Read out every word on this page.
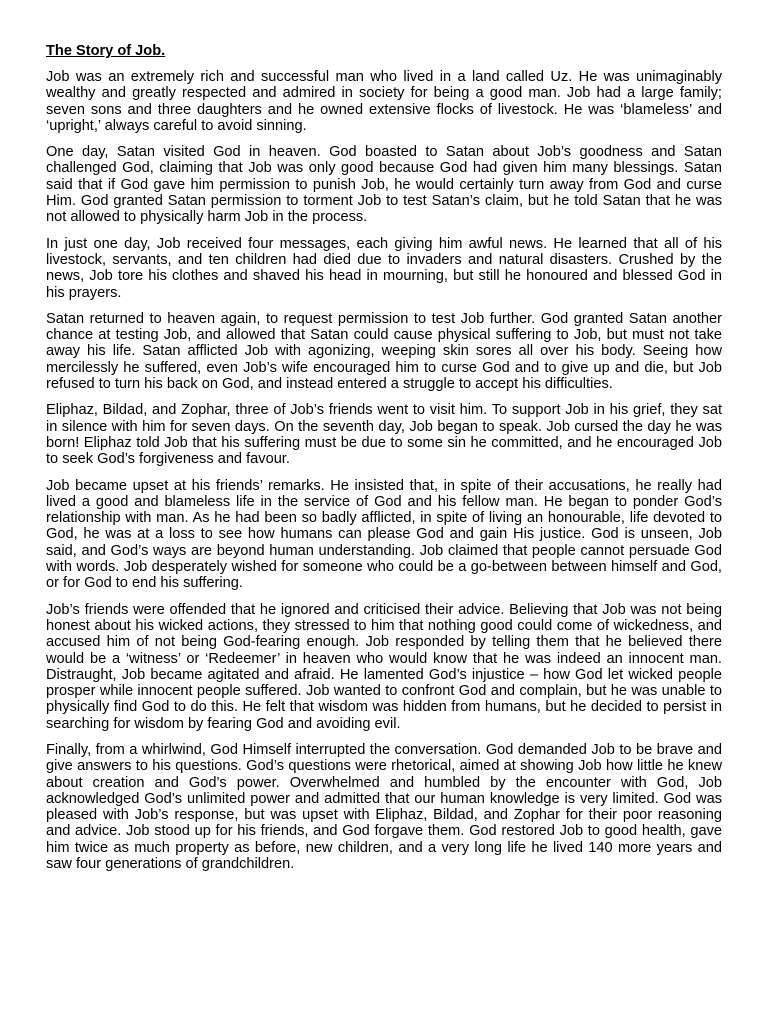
The Story of Job.

Job was an extremely rich and successful man who lived in a land called Uz. He was unimaginably wealthy and greatly respected and admired in society for being a good man. Job had a large family; seven sons and three daughters and he owned extensive flocks of livestock. He was ‘blameless’ and ‘upright,’ always careful to avoid sinning.

One day, Satan visited God in heaven. God boasted to Satan about Job’s goodness and Satan challenged God, claiming that Job was only good because God had given him many blessings. Satan said that if God gave him permission to punish Job, he would certainly turn away from God and curse Him. God granted Satan permission to torment Job to test Satan’s claim, but he told Satan that he was not allowed to physically harm Job in the process.

In just one day, Job received four messages, each giving him awful news. He learned that all of his livestock, servants, and ten children had died due to invaders and natural disasters. Crushed by the news, Job tore his clothes and shaved his head in mourning, but still he honoured and blessed God in his prayers.

Satan returned to heaven again, to request permission to test Job further. God granted Satan another chance at testing Job, and allowed that Satan could cause physical suffering to Job, but must not take away his life. Satan afflicted Job with agonizing, weeping skin sores all over his body. Seeing how mercilessly he suffered, even Job’s wife encouraged him to curse God and to give up and die, but Job refused to turn his back on God, and instead entered a struggle to accept his difficulties.

Eliphaz, Bildad, and Zophar, three of Job’s friends went to visit him. To support Job in his grief, they sat in silence with him for seven days. On the seventh day, Job began to speak. Job cursed the day he was born! Eliphaz told Job that his suffering must be due to some sin he committed, and he encouraged Job to seek God’s forgiveness and favour.

Job became upset at his friends’ remarks. He insisted that, in spite of their accusations, he really had lived a good and blameless life in the service of God and his fellow man. He began to ponder God’s relationship with man. As he had been so badly afflicted, in spite of living an honourable, life devoted to God, he was at a loss to see how humans can please God and gain His justice. God is unseen, Job said, and God’s ways are beyond human understanding. Job claimed that people cannot persuade God with words. Job desperately wished for someone who could be a go-between between himself and God, or for God to end his suffering.

Job’s friends were offended that he ignored and criticised their advice. Believing that Job was not being honest about his wicked actions, they stressed to him that nothing good could come of wickedness, and accused him of not being God-fearing enough. Job responded by telling them that he believed there would be a ‘witness’ or ‘Redeemer’ in heaven who would know that he was indeed an innocent man. Distraught, Job became agitated and afraid. He lamented God’s injustice – how God let wicked people prosper while innocent people suffered. Job wanted to confront God and complain, but he was unable to physically find God to do this. He felt that wisdom was hidden from humans, but he decided to persist in searching for wisdom by fearing God and avoiding evil.

Finally, from a whirlwind, God Himself interrupted the conversation. God demanded Job to be brave and give answers to his questions. God’s questions were rhetorical, aimed at showing Job how little he knew about creation and God’s power. Overwhelmed and humbled by the encounter with God, Job acknowledged God’s unlimited power and admitted that our human knowledge is very limited. God was pleased with Job’s response, but was upset with Eliphaz, Bildad, and Zophar for their poor reasoning and advice. Job stood up for his friends, and God forgave them. God restored Job to good health, gave him twice as much property as before, new children, and a very long life he lived 140 more years and saw four generations of grandchildren.
